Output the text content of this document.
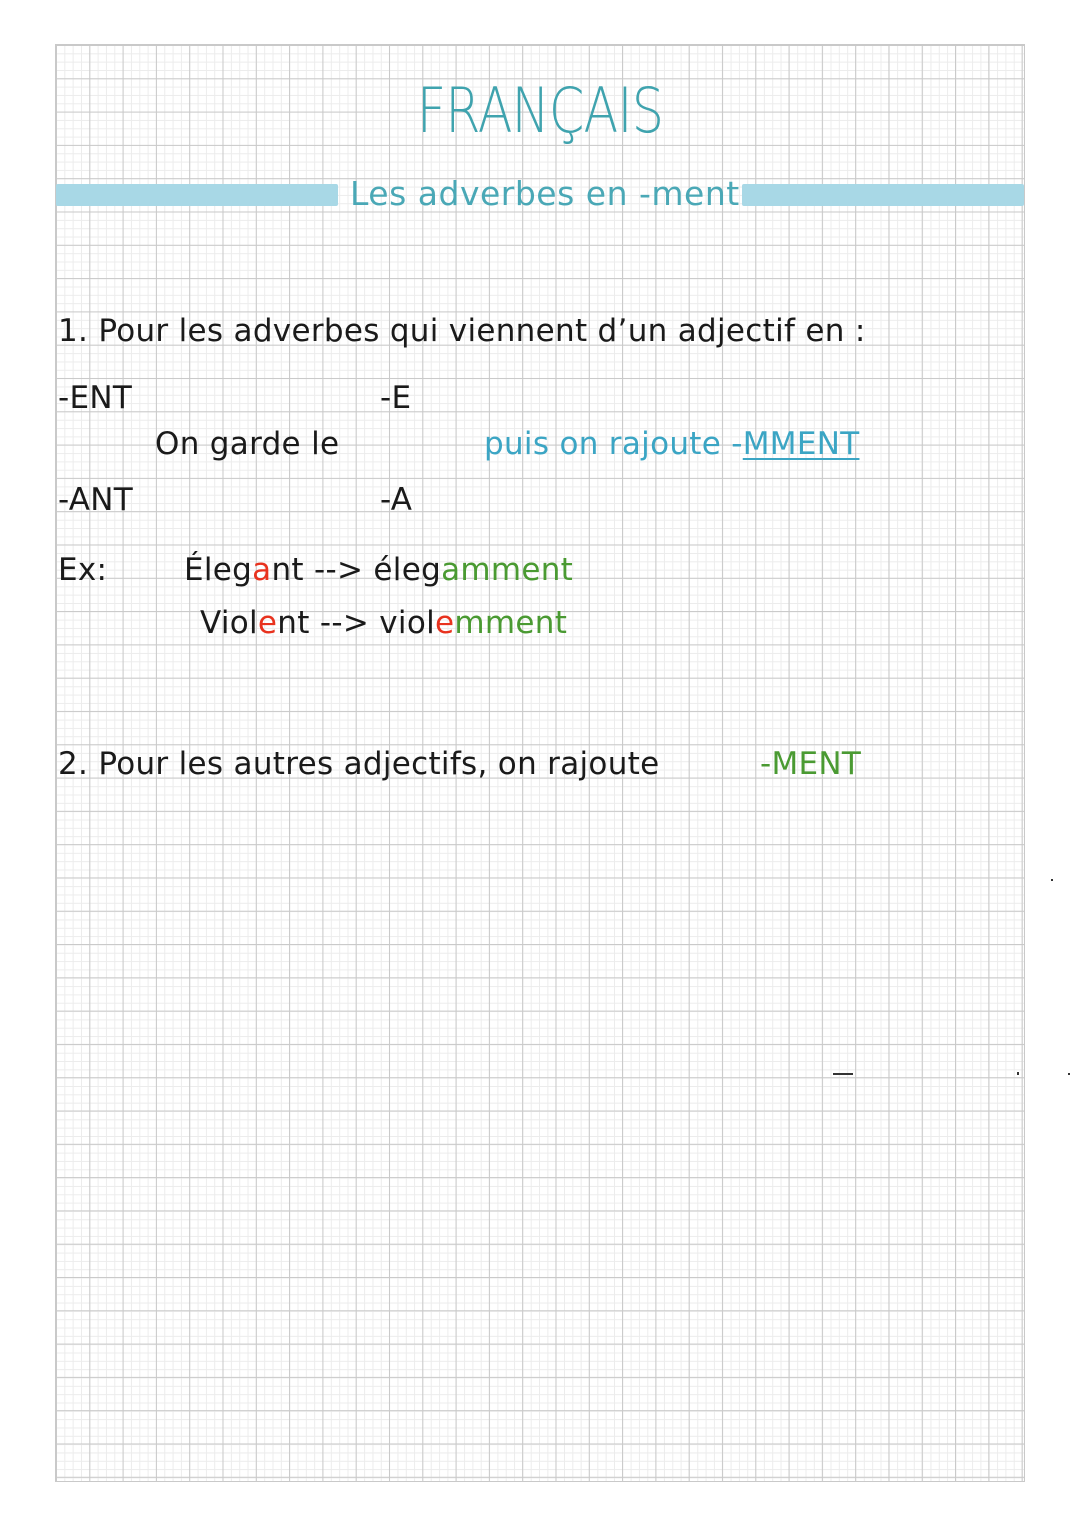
FRANÇAIS
Les adverbes en -ment
1. Pour les adverbes qui viennent d’un adjectif en :
-ENT	-E
On garde le	puis on rajoute -MMENT
-ANT	-A
Ex: Élegant --> élegamment
Violent --> violemment
2. Pour les autres adjectifs, on rajoute	-MENT
